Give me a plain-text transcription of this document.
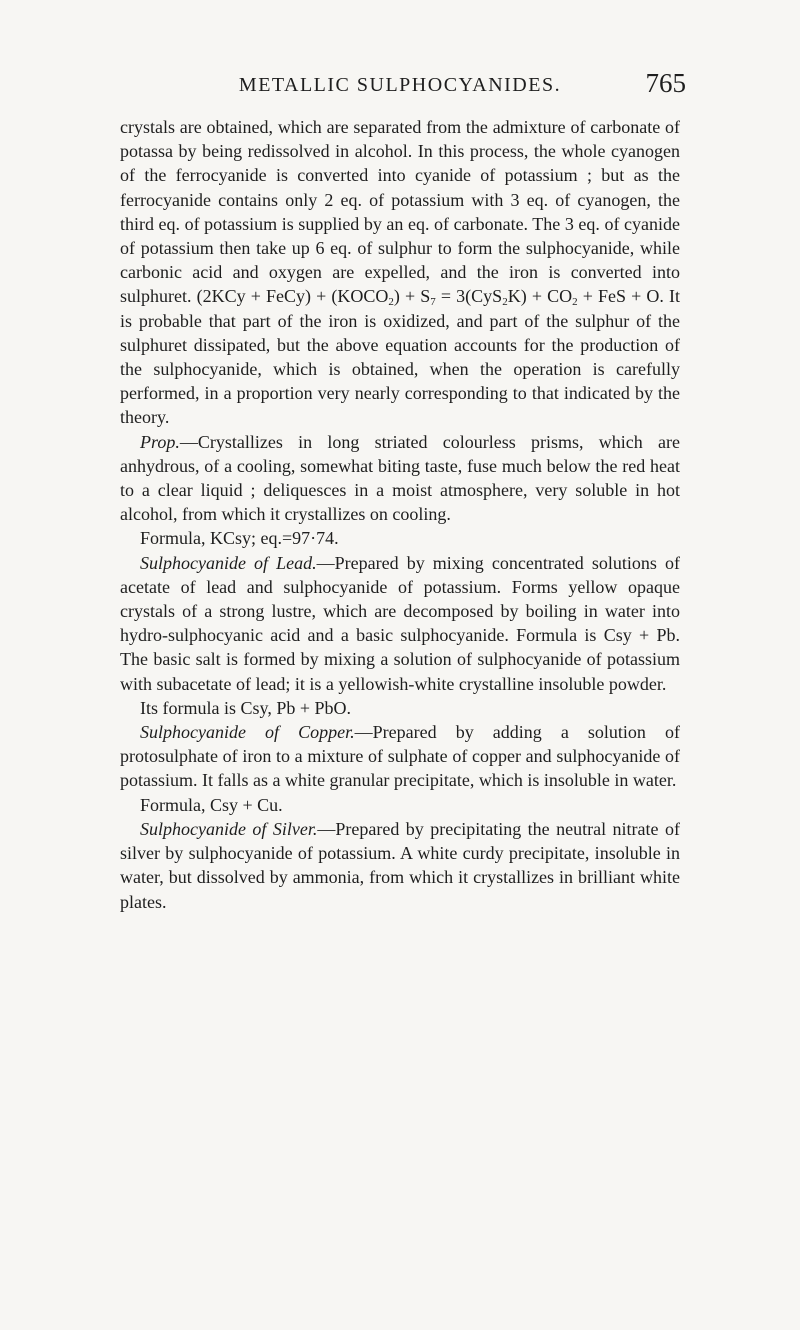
METALLIC SULPHOCYANIDES.	765

crystals are obtained, which are separated from the admixture of carbonate of potassa by being redissolved in alcohol. In this process, the whole cyanogen of the ferrocyanide is converted into cyanide of potassium ; but as the ferrocyanide contains only 2 eq. of potassium with 3 eq. of cyanogen, the third eq. of potassium is supplied by an eq. of carbonate. The 3 eq. of cyanide of potassium then take up 6 eq. of sulphur to form the sulphocyanide, while carbonic acid and oxygen are expelled, and the iron is converted into sulphuret. (2KCy + FeCy) + $(KOCO_2) + S_7 = 3(CyS_2K) + CO_2$ + FeS + O. It is probable that part of the iron is oxidized, and part of the sulphur of the sulphuret dissipated, but the above equation accounts for the production of the sulphocyanide, which is obtained, when the operation is carefully performed, in a proportion very nearly corresponding to that indicated by the theory.

Prop.—Crystallizes in long striated colourless prisms, which are anhydrous, of a cooling, somewhat biting taste, fuse much below the red heat to a clear liquid ; deliquesces in a moist atmosphere, very soluble in hot alcohol, from which it crystallizes on cooling.

Formula, KCsy; eq.=97·74.

Sulphocyanide of Lead.—Prepared by mixing concentrated solutions of acetate of lead and sulphocyanide of potassium. Forms yellow opaque crystals of a strong lustre, which are decomposed by boiling in water into hydro-sulphocyanic acid and a basic sulphocyanide. Formula is Csy + Pb. The basic salt is formed by mixing a solution of sulphocyanide of potassium with subacetate of lead; it is a yellowish-white crystalline insoluble powder.

Its formula is Csy, Pb + PbO.

Sulphocyanide of Copper.—Prepared by adding a solution of protosulphate of iron to a mixture of sulphate of copper and sulphocyanide of potassium. It falls as a white granular precipitate, which is insoluble in water.

Formula, Csy + Cu.

Sulphocyanide of Silver.—Prepared by precipitating the neutral nitrate of silver by sulphocyanide of potassium. A white curdy precipitate, insoluble in water, but dissolved by ammonia, from which it crystallizes in brilliant white plates.
